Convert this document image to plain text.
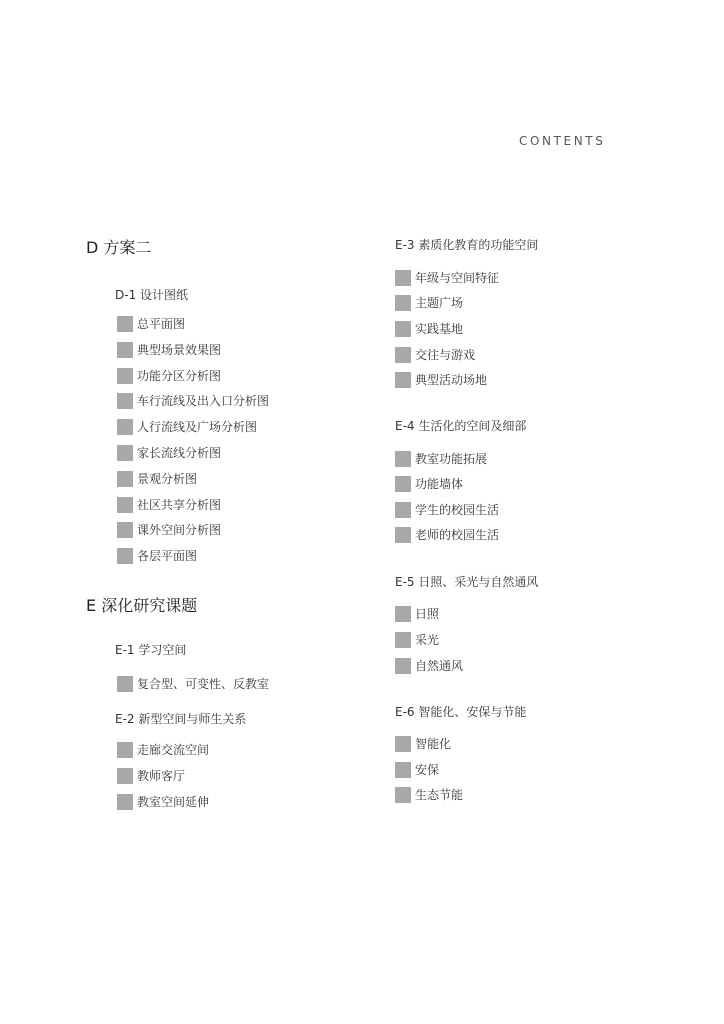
CONTENTS
D 方案二
D-1 设计图纸
总平面图
典型场景效果图
功能分区分析图
车行流线及出入口分析图
人行流线及广场分析图
家长流线分析图
景观分析图
社区共享分析图
课外空间分析图
各层平面图
E 深化研究课题
E-1 学习空间
复合型、可变性、反教室
E-2 新型空间与师生关系
走廊交流空间
教师客厅
教室空间延伸
E-3 素质化教育的功能空间
年级与空间特征
主题广场
实践基地
交往与游戏
典型活动场地
E-4 生活化的空间及细部
教室功能拓展
功能墙体
学生的校园生活
老师的校园生活
E-5 日照、采光与自然通风
日照
采光
自然通风
E-6 智能化、安保与节能
智能化
安保
生态节能
